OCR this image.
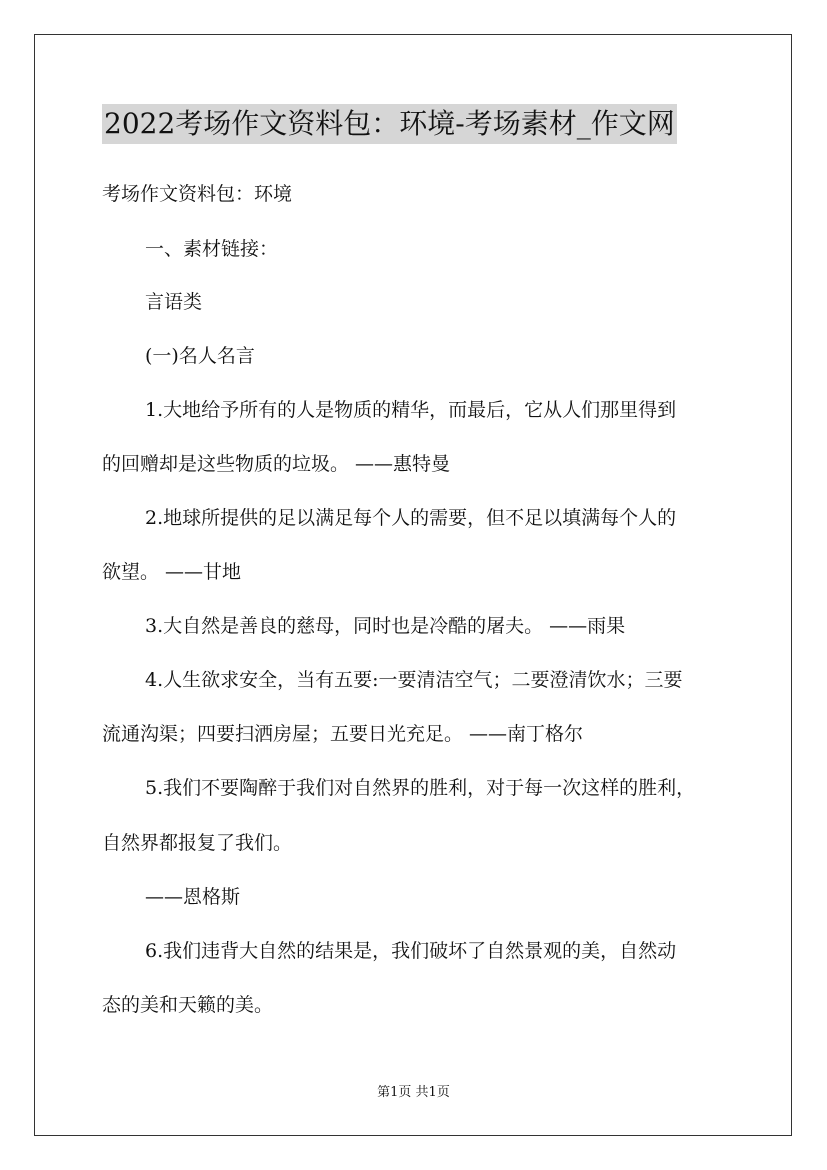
2022考场作文资料包：环境-考场素材_作文网
考场作文资料包：环境
一、素材链接：
言语类
(一)名人名言
1.大地给予所有的人是物质的精华，而最后，它从人们那里得到
的回赠却是这些物质的垃圾。 ——惠特曼
2.地球所提供的足以满足每个人的需要，但不足以填满每个人的
欲望。 ——甘地
3.大自然是善良的慈母，同时也是冷酷的屠夫。 ——雨果
4.人生欲求安全，当有五要:一要清洁空气；二要澄清饮水；三要
流通沟渠；四要扫洒房屋；五要日光充足。 ——南丁格尔
5.我们不要陶醉于我们对自然界的胜利，对于每一次这样的胜利，
自然界都报复了我们。
——恩格斯
6.我们违背大自然的结果是，我们破坏了自然景观的美，自然动
态的美和天籁的美。
第1页 共1页
